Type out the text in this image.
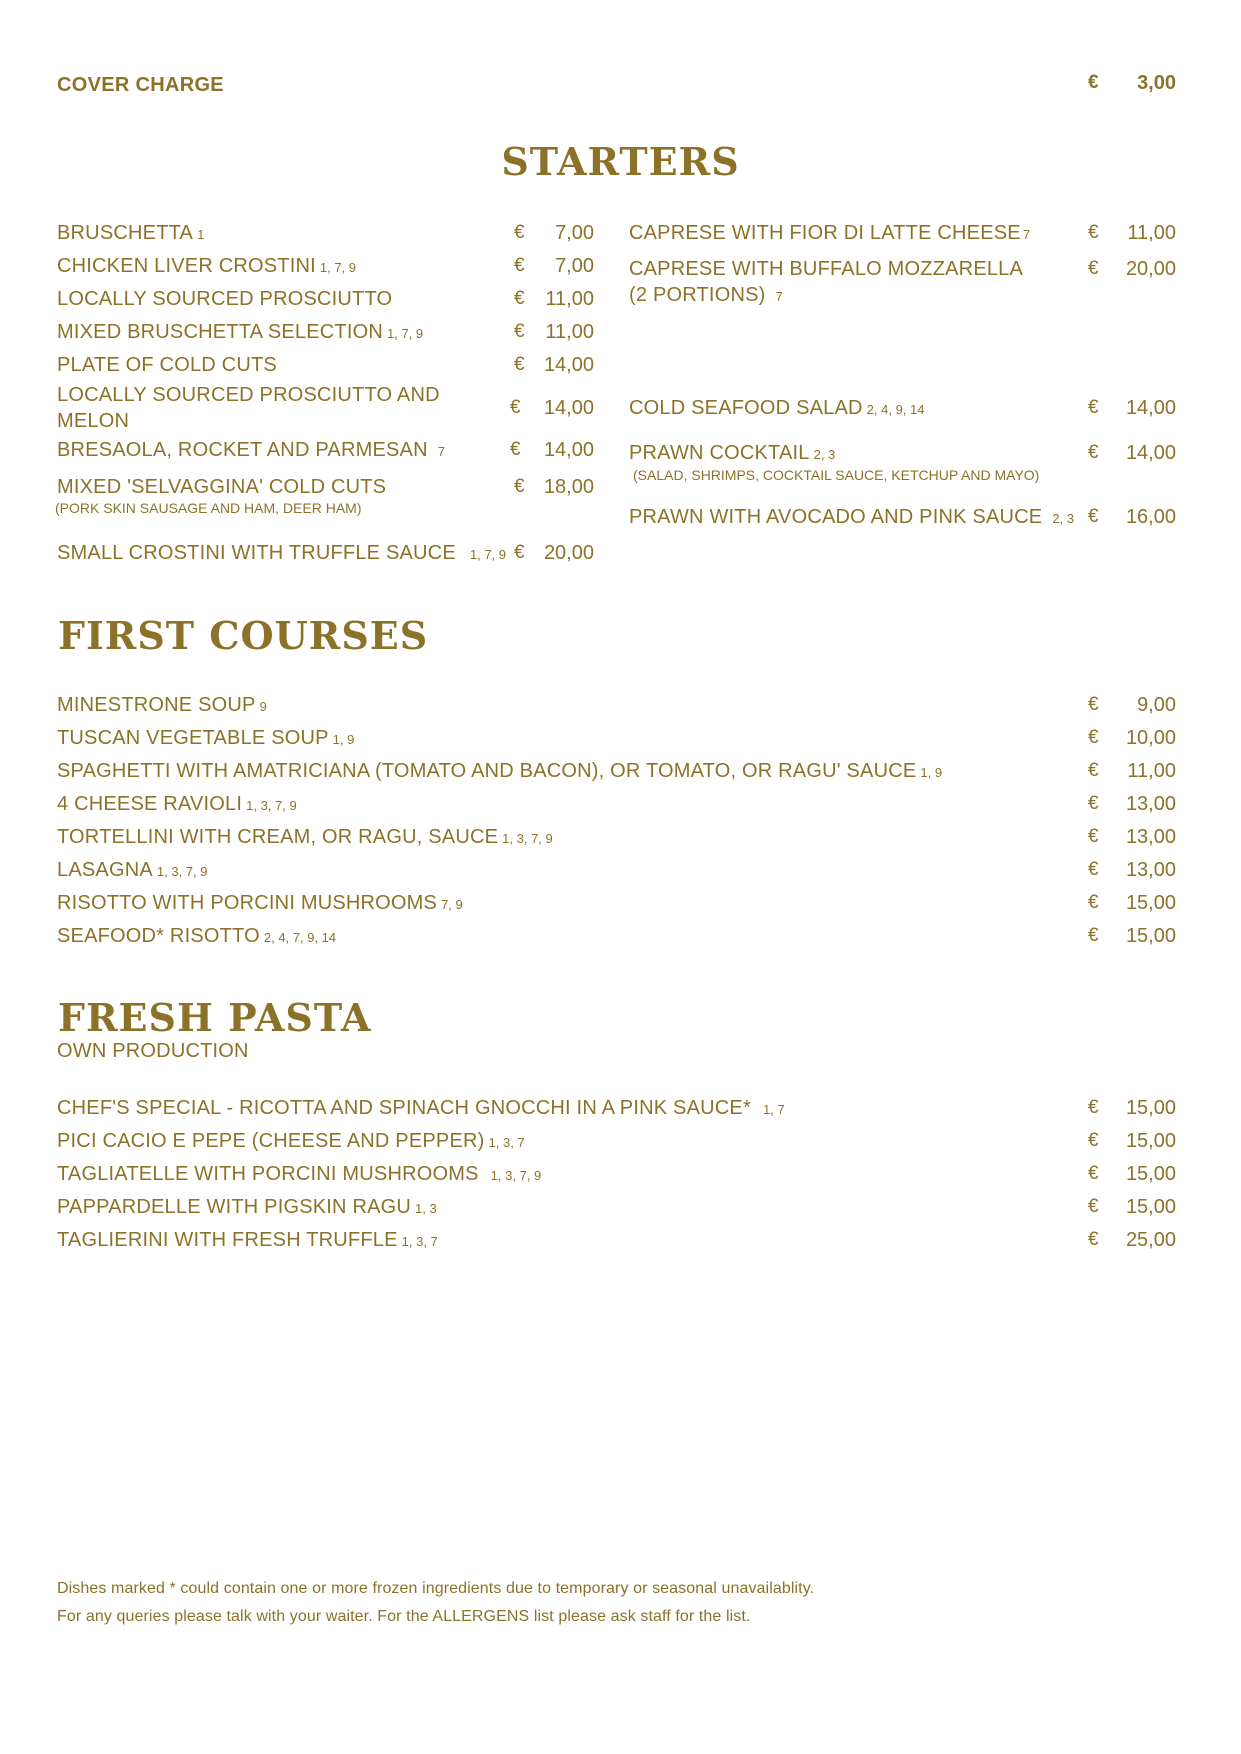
COVER CHARGE	€	3,00
STARTERS
BRUSCHETTA 1	€	7,00
CHICKEN LIVER CROSTINI 1, 7, 9	€	7,00
LOCALLY SOURCED PROSCIUTTO	€	11,00
MIXED BRUSCHETTA SELECTION 1, 7, 9	€	11,00
PLATE OF COLD CUTS	€ 14,00
LOCALLY SOURCED PROSCIUTTO AND
MELON
€	14,00
BRESAOLA, ROCKET AND PARMESAN 7	€	14,00
MIXED 'SELVAGGINA' COLD CUTS
(PORK SKIN SAUSAGE AND HAM, DEER HAM)
€ 18,00
SMALL CROSTINI WITH TRUFFLE SAUCE 1, 7, 9 € 20,00
CAPRESE WITH FIOR DI LATTE CHEESE 7	€	11,00
CAPRESE WITH BUFFALO MOZZARELLA
(2 PORTIONS) 7
€	20,00
COLD SEAFOOD SALAD 2, 4, 9, 14	€	14,00
PRAWN COCKTAIL 2, 3
(SALAD, SHRIMPS, COCKTAIL SAUCE, KETCHUP AND MAYO)
€	14,00
PRAWN WITH AVOCADO AND PINK SAUCE 2, 3 €	16,00
FIRST COURSES
MINESTRONE SOUP 9	€	9,00
TUSCAN VEGETABLE SOUP 1, 9	€	10,00
SPAGHETTI WITH AMATRICIANA (TOMATO AND BACON), OR TOMATO, OR RAGU' SAUCE 1, 9	€	11,00
4 CHEESE RAVIOLI 1, 3, 7, 9	€	13,00
TORTELLINI WITH CREAM, OR RAGU, SAUCE 1, 3, 7, 9	€	13,00
LASAGNA 1, 3, 7, 9	€	13,00
RISOTTO WITH PORCINI MUSHROOMS 7, 9	€	15,00
SEAFOOD* RISOTTO 2, 4, 7, 9, 14	€	15,00
FRESH PASTA
OWN PRODUCTION
CHEF'S SPECIAL - RICOTTA AND SPINACH GNOCCHI IN A PINK SAUCE* 1, 7	€	15,00
PICI CACIO E PEPE (CHEESE AND PEPPER) 1, 3, 7	€	15,00
TAGLIATELLE WITH PORCINI MUSHROOMS 1, 3, 7, 9	€	15,00
PAPPARDELLE WITH PIGSKIN RAGU 1, 3	€	15,00
TAGLIERINI WITH FRESH TRUFFLE 1, 3, 7	€	25,00
Dishes marked * could contain one or more frozen ingredients due to temporary or seasonal unavailablity.
For any queries please talk with your waiter. For the ALLERGENS list please ask staff for the list.
